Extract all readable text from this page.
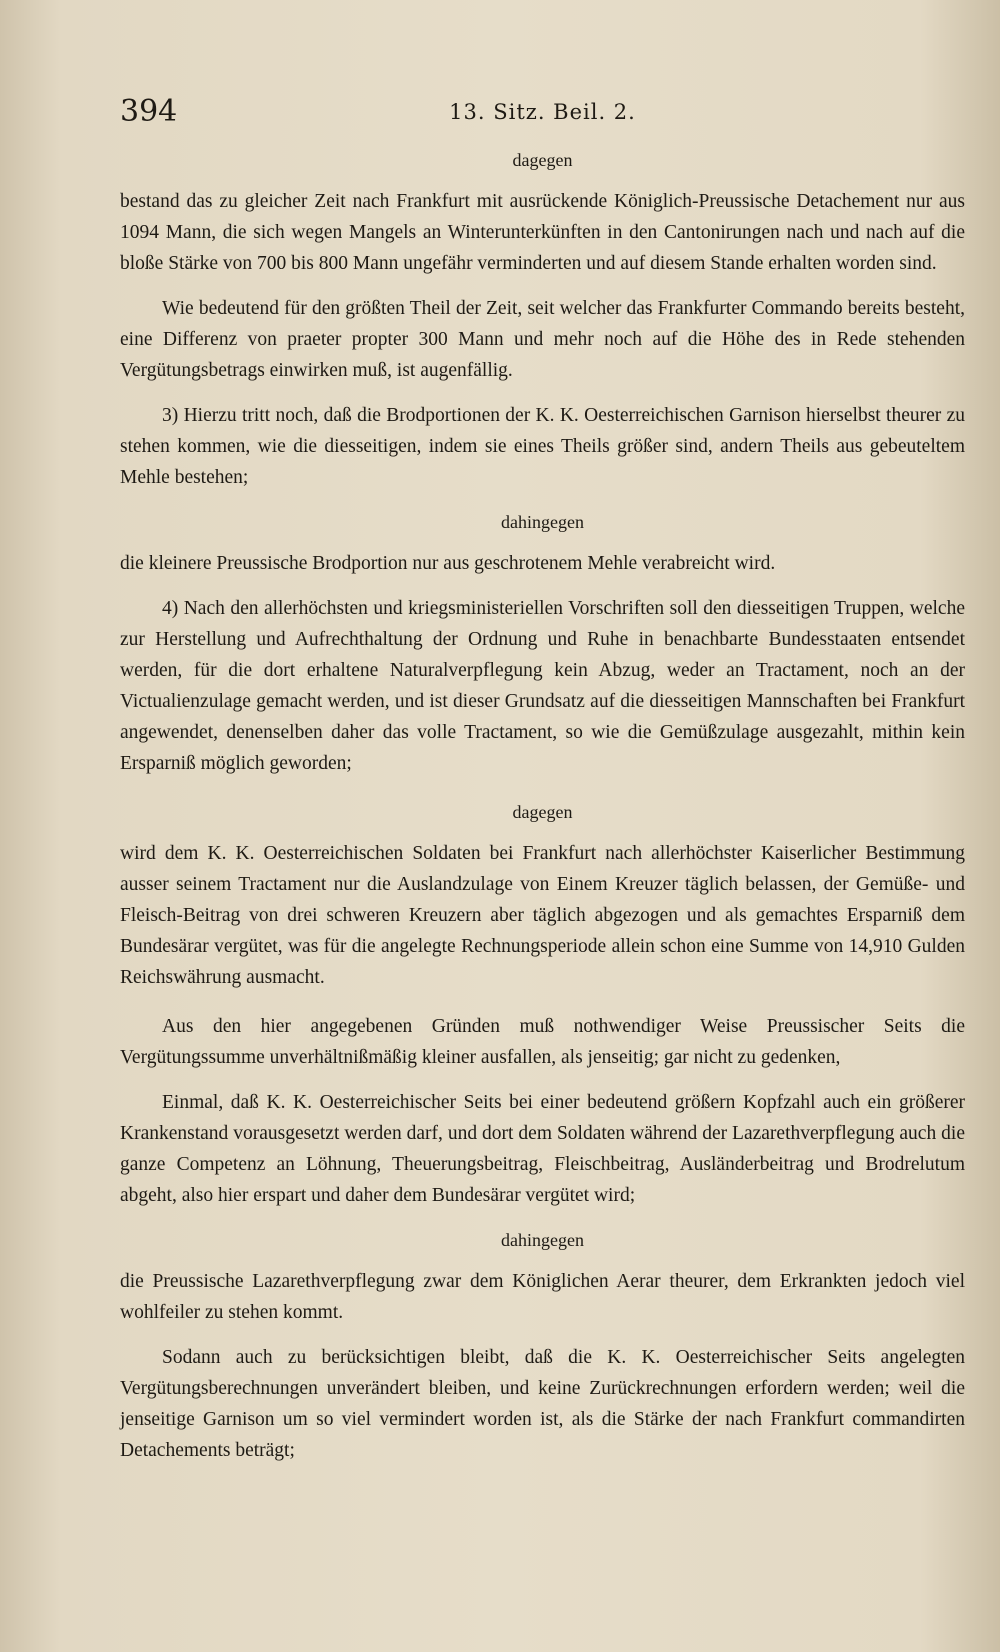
394	13. Sitz. Beil. 2.

dagegen

bestand das zu gleicher Zeit nach Frankfurt mit ausrückende Königlich-Preussische Detachement nur aus 1094 Mann, die sich wegen Mangels an Winterunterkünften in den Cantonirungen nach und nach auf die bloße Stärke von 700 bis 800 Mann ungefähr verminderten und auf diesem Stande erhalten worden sind.

Wie bedeutend für den größten Theil der Zeit, seit welcher das Frankfurter Commando bereits besteht, eine Differenz von praeter propter 300 Mann und mehr noch auf die Höhe des in Rede stehenden Vergütungsbetrags einwirken muß, ist augenfällig.

3) Hierzu tritt noch, daß die Brodportionen der K. K. Oesterreichischen Garnison hierselbst theurer zu stehen kommen, wie die diesseitigen, indem sie eines Theils größer sind, andern Theils aus gebeuteltem Mehle bestehen;

dahingegen

die kleinere Preussische Brodportion nur aus geschrotenem Mehle verabreicht wird.

4) Nach den allerhöchsten und kriegsministeriellen Vorschriften soll den diesseitigen Truppen, welche zur Herstellung und Aufrechthaltung der Ordnung und Ruhe in benachbarte Bundesstaaten entsendet werden, für die dort erhaltene Naturalverpflegung kein Abzug, weder an Tractament, noch an der Victualienzulage gemacht werden, und ist dieser Grundsatz auf die diesseitigen Mannschaften bei Frankfurt angewendet, denenselben daher das volle Tractament, so wie die Gemüßzulage ausgezahlt, mithin kein Ersparniß möglich geworden;

dagegen

wird dem K. K. Oesterreichischen Soldaten bei Frankfurt nach allerhöchster Kaiserlicher Bestimmung ausser seinem Tractament nur die Auslandzulage von Einem Kreuzer täglich belassen, der Gemüße- und Fleisch-Beitrag von drei schweren Kreuzern aber täglich abgezogen und als gemachtes Ersparniß dem Bundesärar vergütet, was für die angelegte Rechnungsperiode allein schon eine Summe von 14,910 Gulden Reichswährung ausmacht.

Aus den hier angegebenen Gründen muß nothwendiger Weise Preussischer Seits die Vergütungssumme unverhältnißmäßig kleiner ausfallen, als jenseitig; gar nicht zu gedenken,

Einmal, daß K. K. Oesterreichischer Seits bei einer bedeutend größern Kopfzahl auch ein größerer Krankenstand vorausgesetzt werden darf, und dort dem Soldaten während der Lazarethverpflegung auch die ganze Competenz an Löhnung, Theuerungsbeitrag, Fleischbeitrag, Ausländerbeitrag und Brodrelutum abgeht, also hier erspart und daher dem Bundesärar vergütet wird;

dahingegen

die Preussische Lazarethverpflegung zwar dem Königlichen Aerar theurer, dem Erkrankten jedoch viel wohlfeiler zu stehen kommt.

Sodann auch zu berücksichtigen bleibt, daß die K. K. Oesterreichischer Seits angelegten Vergütungsberechnungen unverändert bleiben, und keine Zurückrechnungen erfordern werden; weil die jenseitige Garnison um so viel vermindert worden ist, als die Stärke der nach Frankfurt commandirten Detachements beträgt;
